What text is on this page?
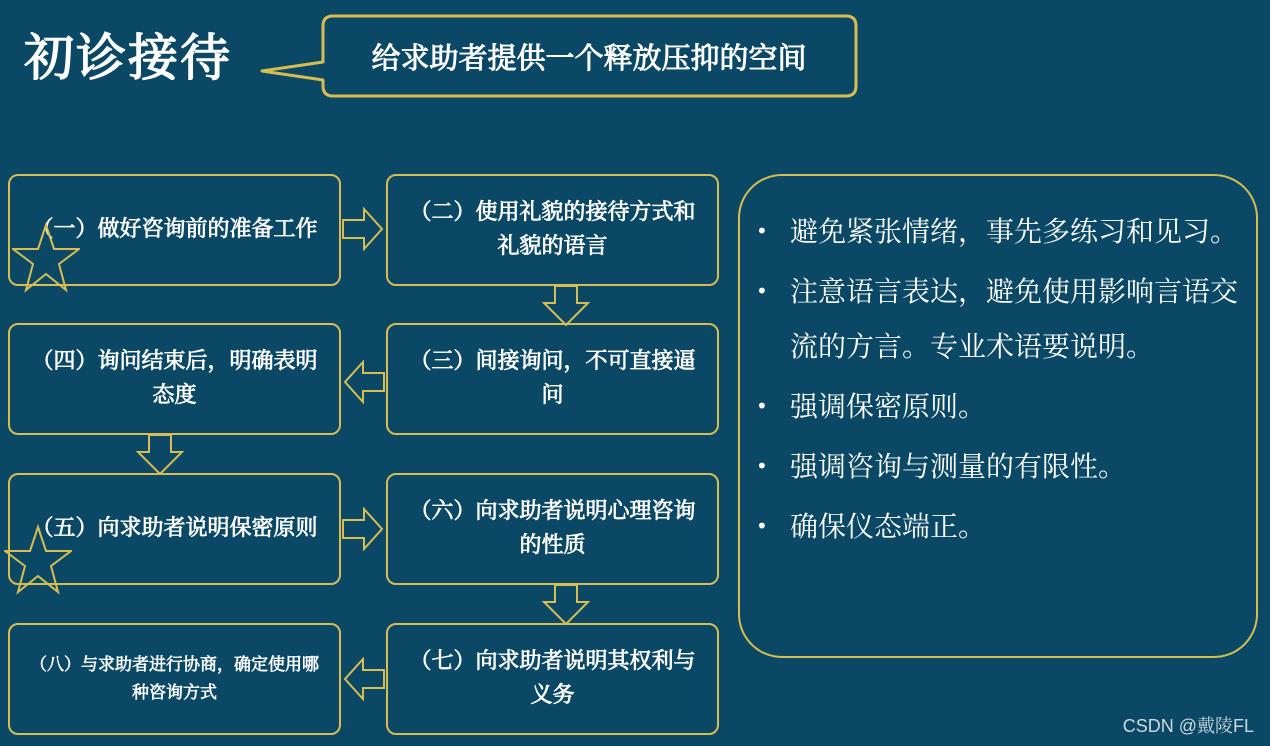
初诊接待	给求助者提供一个释放压抑的空间
（一）做好咨询前的准备工作
（二）使用礼貌的接待方式和礼貌的语言
（三）间接询问，不可直接逼问
（四）询问结束后，明确表明态度
（五）向求助者说明保密原则
（六）向求助者说明心理咨询的性质
（七）向求助者说明其权利与义务
（八）与求助者进行协商，确定使用哪种咨询方式
• 避免紧张情绪，事先多练习和见习。
• 注意语言表达，避免使用影响言语交流的方言。专业术语要说明。
• 强调保密原则。
• 强调咨询与测量的有限性。
• 确保仪态端正。
CSDN @戴陵FL
